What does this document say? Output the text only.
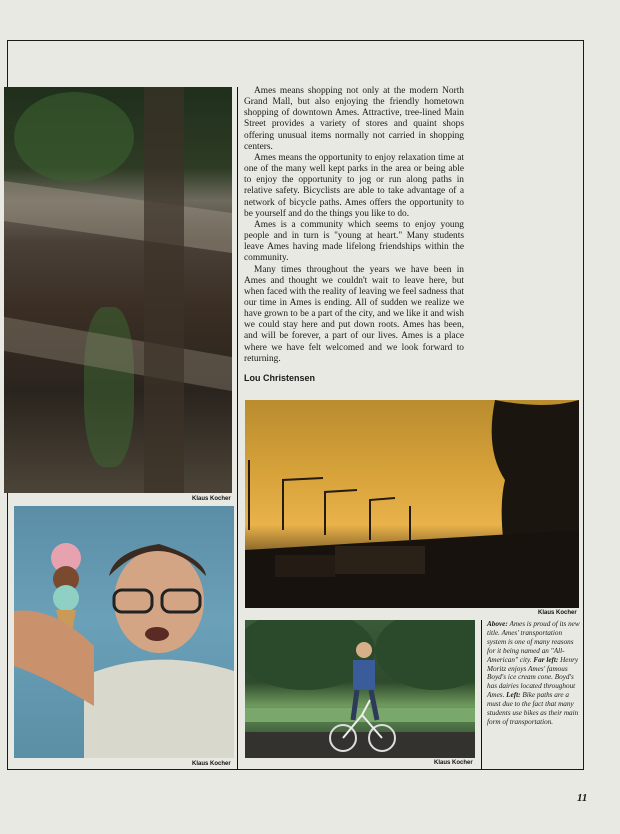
Klaus Kocher
Klaus Kocher

Ames means shopping not only at the modern North Grand Mall, but also enjoying the friendly hometown shopping of downtown Ames. Attractive, tree-lined Main Street provides a variety of stores and quaint shops offering unusual items normally not carried in shopping centers.

Ames means the opportunity to enjoy relaxation time at one of the many well kept parks in the area or being able to enjoy the opportunity to jog or run along paths in relative safety. Bicyclists are able to take advantage of a network of bicycle paths. Ames offers the opportunity to be yourself and do the things you like to do.

Ames is a community which seems to enjoy young people and in turn is "young at heart." Many students leave Ames having made lifelong friendships within the community.

Many times throughout the years we have been in Ames and thought we couldn't wait to leave here, but when faced with the reality of leaving we feel sadness that our time in Ames is ending. All of sudden we realize we have grown to be a part of the city, and we like it and wish we could stay here and put down roots. Ames has been, and will be forever, a part of our lives. Ames is a place where we have felt welcomed and we look forward to returning.

Lou Christensen
Klaus Kocher
Klaus Kocher
Above: Ames is proud of its new title. Ames' transportation system is one of many reasons for it being named an "All-American" city. Far left: Henry Moritz enjoys Ames' famous Boyd's ice cream cone. Boyd's has dairies located throughout Ames. Left: Bike paths are a must due to the fact that many students use bikes as their main form of transportation.
11
